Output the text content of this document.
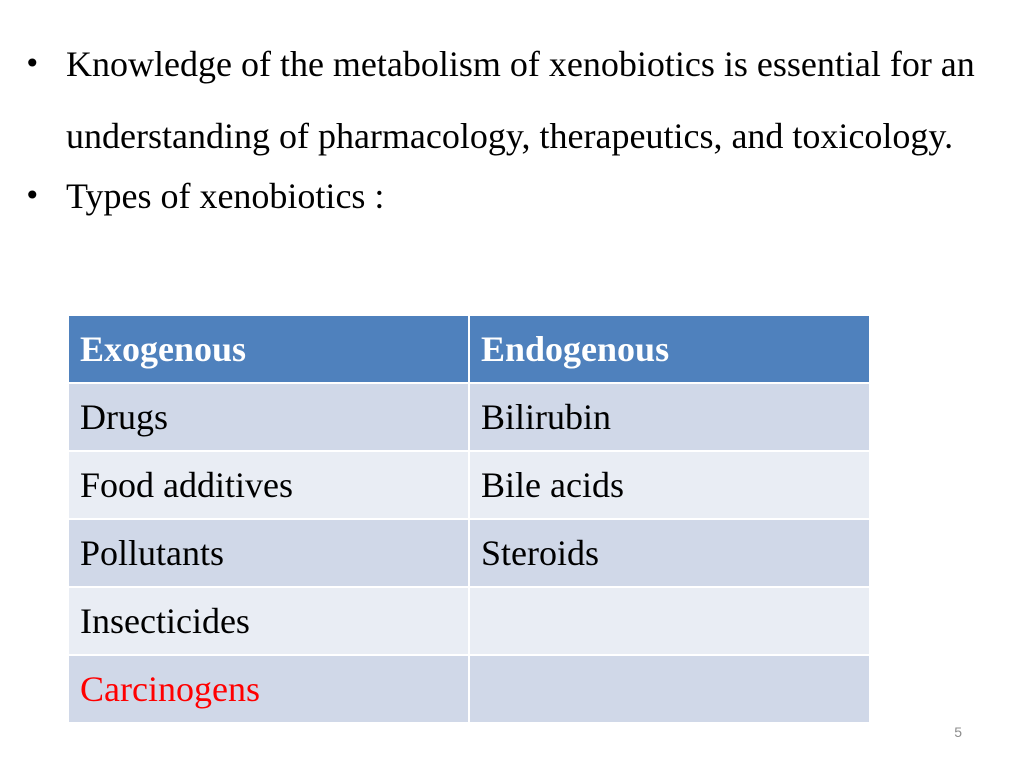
• Knowledge of the metabolism of xenobiotics is essential for an understanding of pharmacology, therapeutics, and toxicology.
• Types of xenobiotics :
Exogenous	Endogenous
Drugs	Bilirubin
Food additives	Bile acids
Pollutants	Steroids
Insecticides	
Carcinogens	
5
